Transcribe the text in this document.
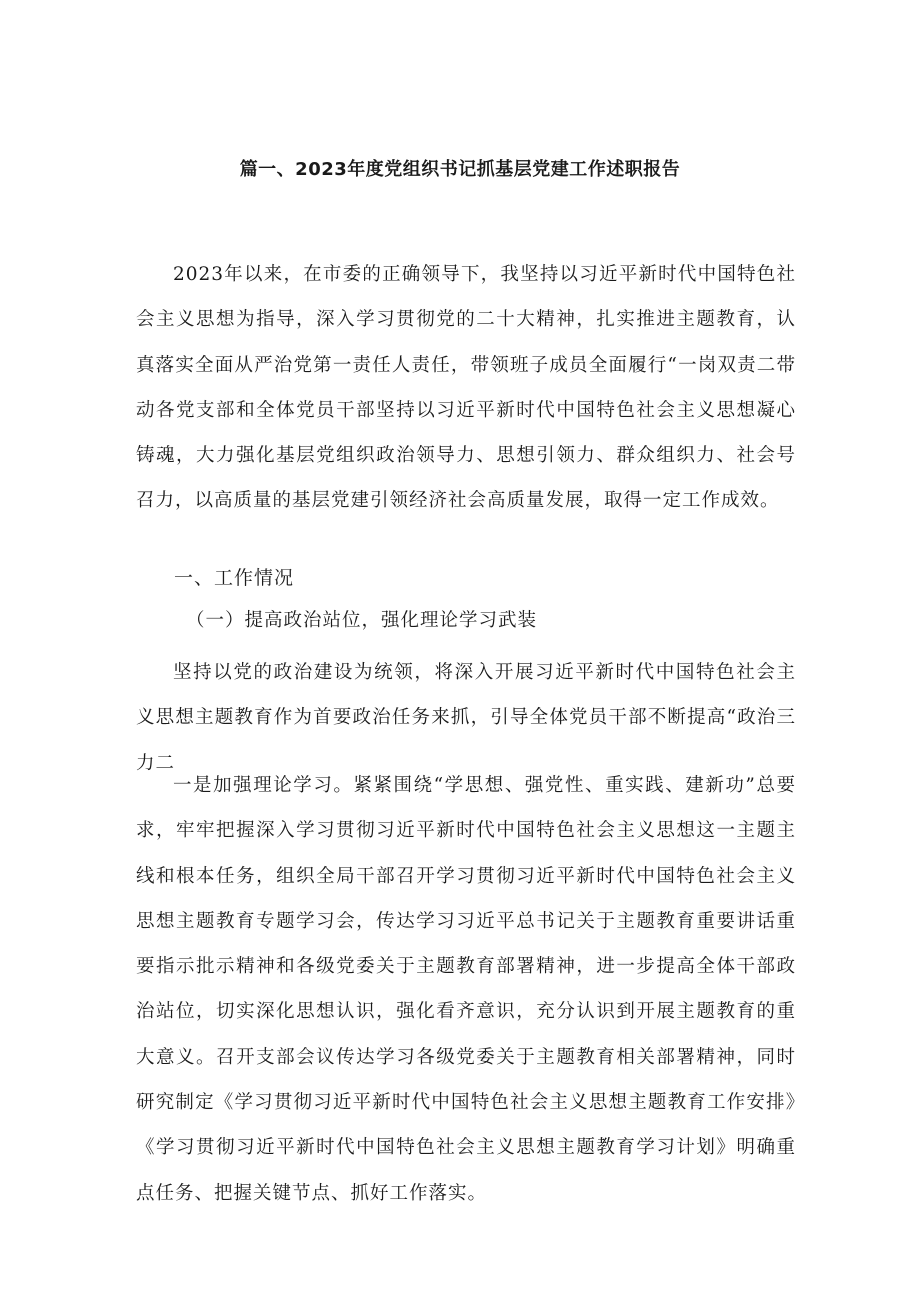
篇一、2023年度党组织书记抓基层党建工作述职报告

2023年以来，在市委的正确领导下，我坚持以习近平新时代中国特色社会主义思想为指导，深入学习贯彻党的二十大精神，扎实推进主题教育，认真落实全面从严治党第一责任人责任，带领班子成员全面履行“一岗双责二带动各党支部和全体党员干部坚持以习近平新时代中国特色社会主义思想凝心铸魂，大力强化基层党组织政治领导力、思想引领力、群众组织力、社会号召力，以高质量的基层党建引领经济社会高质量发展，取得一定工作成效。

一、工作情况
（一）提高政治站位，强化理论学习武装

坚持以党的政治建设为统领，将深入开展习近平新时代中国特色社会主义思想主题教育作为首要政治任务来抓，引导全体党员干部不断提高“政治三力二

一是加强理论学习。紧紧围绕“学思想、强党性、重实践、建新功”总要求，牢牢把握深入学习贯彻习近平新时代中国特色社会主义思想这一主题主线和根本任务，组织全局干部召开学习贯彻习近平新时代中国特色社会主义思想主题教育专题学习会，传达学习习近平总书记关于主题教育重要讲话重要指示批示精神和各级党委关于主题教育部署精神，进一步提高全体干部政治站位，切实深化思想认识，强化看齐意识，充分认识到开展主题教育的重大意义。召开支部会议传达学习各级党委关于主题教育相关部署精神，同时研究制定《学习贯彻习近平新时代中国特色社会主义思想主题教育工作安排》《学习贯彻习近平新时代中国特色社会主义思想主题教育学习计划》明确重点任务、把握关键节点、抓好工作落实。
